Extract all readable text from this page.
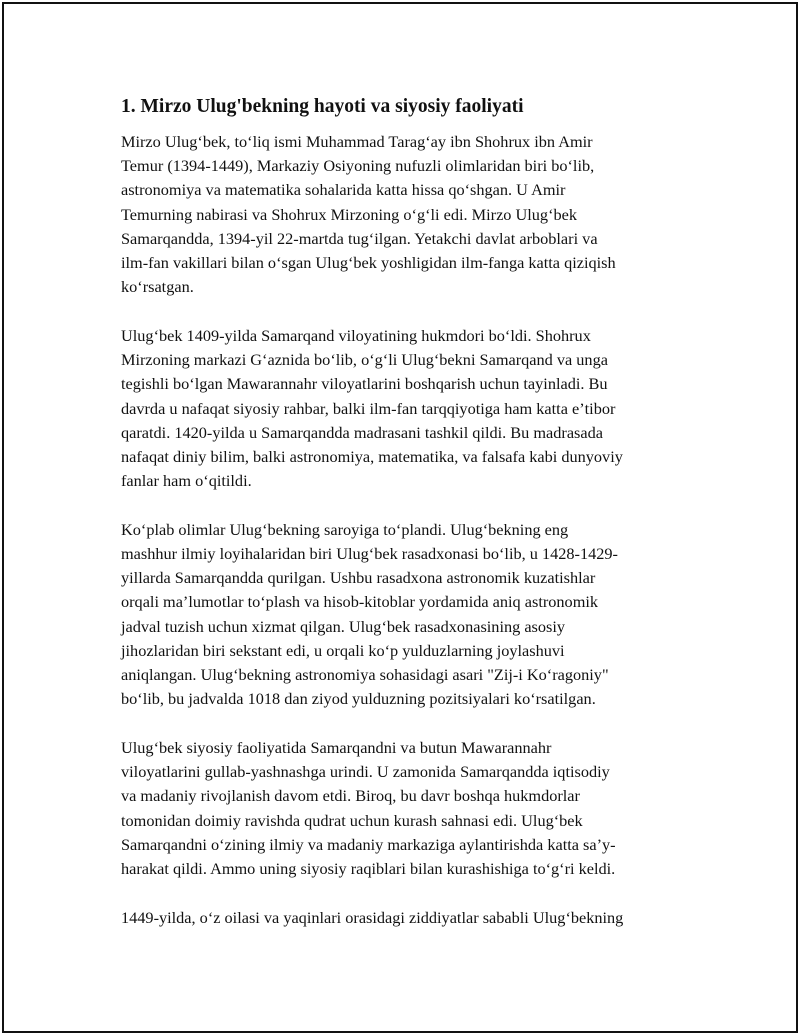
1. Mirzo Ulug'bekning hayoti va siyosiy faoliyati
Mirzo Ulugʻbek, toʻliq ismi Muhammad Taragʻay ibn Shohrux ibn Amir
Temur (1394-1449), Markaziy Osiyoning nufuzli olimlaridan biri boʻlib,
astronomiya va matematika sohalarida katta hissa qoʻshgan. U Amir
Temurning nabirasi va Shohrux Mirzoning oʻgʻli edi. Mirzo Ulugʻbek
Samarqandda, 1394-yil 22-martda tugʻilgan. Yetakchi davlat arboblari va
ilm-fan vakillari bilan oʻsgan Ulugʻbek yoshligidan ilm-fanga katta qiziqish
koʻrsatgan.
Ulugʻbek 1409-yilda Samarqand viloyatining hukmdori boʻldi. Shohrux
Mirzoning markazi Gʻaznida boʻlib, oʻgʻli Ulugʻbekni Samarqand va unga
tegishli boʻlgan Mawarannahr viloyatlarini boshqarish uchun tayinladi. Bu
davrda u nafaqat siyosiy rahbar, balki ilm-fan tarqqiyotiga ham katta eʼtibor
qaratdi. 1420-yilda u Samarqandda madrasani tashkil qildi. Bu madrasada
nafaqat diniy bilim, balki astronomiya, matematika, va falsafa kabi dunyoviy
fanlar ham oʻqitildi.
Koʻplab olimlar Ulugʻbekning saroyiga toʻplandi. Ulugʻbekning eng
mashhur ilmiy loyihalaridan biri Ulugʻbek rasadxonasi boʻlib, u 1428-1429-
yillarda Samarqandda qurilgan. Ushbu rasadxona astronomik kuzatishlar
orqali maʼlumotlar toʻplash va hisob-kitoblar yordamida aniq astronomik
jadval tuzish uchun xizmat qilgan. Ulugʻbek rasadxonasining asosiy
jihozlaridan biri sekstant edi, u orqali koʻp yulduzlarning joylashuvi
aniqlangan. Ulugʻbekning astronomiya sohasidagi asari "Zij-i Koʻragoniy"
boʻlib, bu jadvalda 1018 dan ziyod yulduzning pozitsiyalari koʻrsatilgan.
Ulugʻbek siyosiy faoliyatida Samarqandni va butun Mawarannahr
viloyatlarini gullab-yashnashga urindi. U zamonida Samarqandda iqtisodiy
va madaniy rivojlanish davom etdi. Biroq, bu davr boshqa hukmdorlar
tomonidan doimiy ravishda qudrat uchun kurash sahnasi edi. Ulugʻbek
Samarqandni oʻzining ilmiy va madaniy markaziga aylantirishda katta saʼy-
harakat qildi. Ammo uning siyosiy raqiblari bilan kurashishiga toʻgʻri keldi.
1449-yilda, oʻz oilasi va yaqinlari orasidagi ziddiyatlar sababli Ulugʻbekning
